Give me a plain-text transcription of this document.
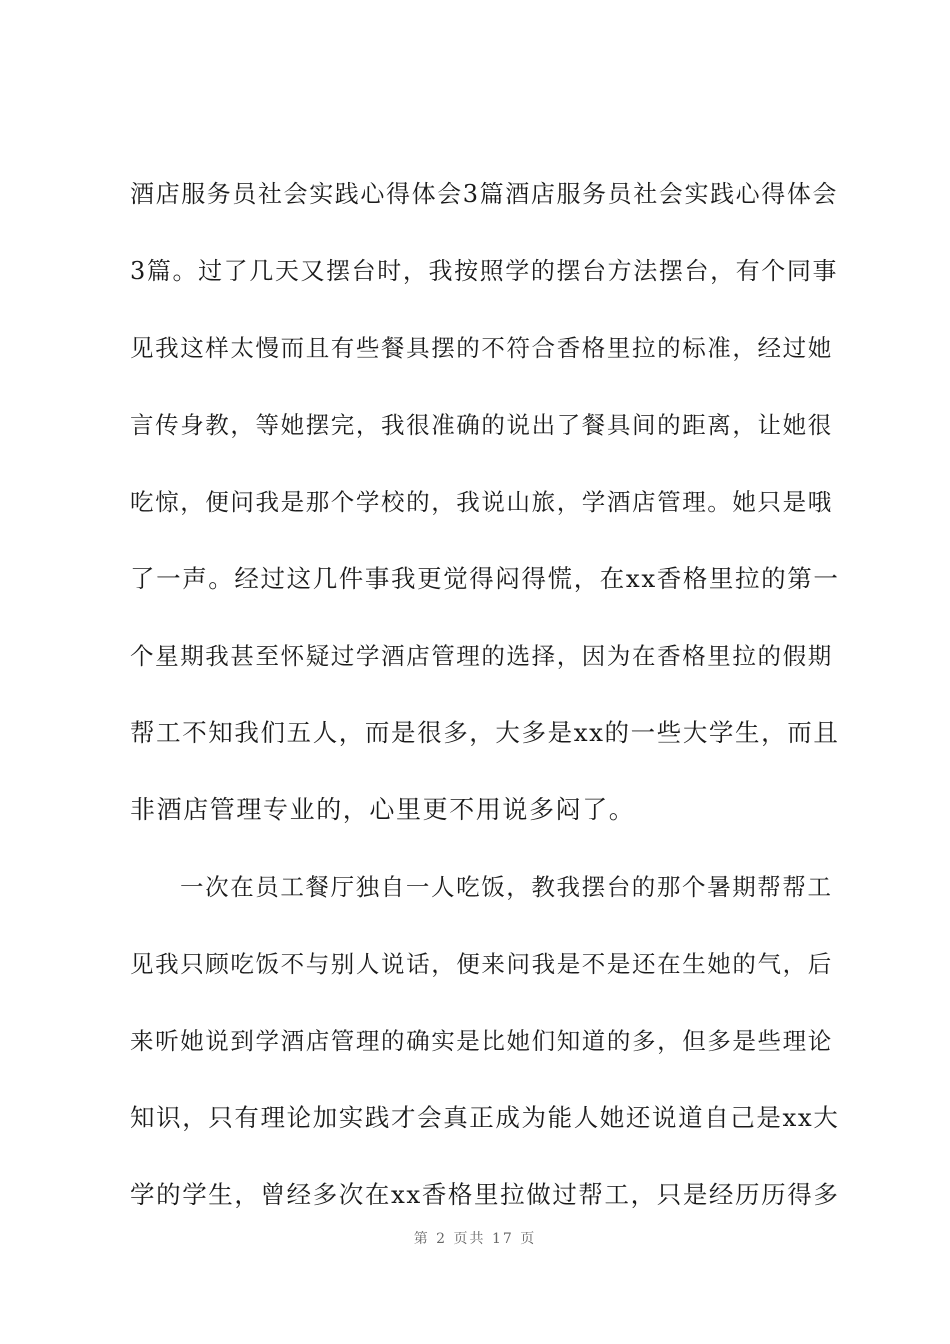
酒店服务员社会实践心得体会3篇酒店服务员社会实践心得体会
3篇。过了几天又摆台时，我按照学的摆台方法摆台，有个同事
见我这样太慢而且有些餐具摆的不符合香格里拉的标准，经过她
言传身教，等她摆完，我很准确的说出了餐具间的距离，让她很
吃惊，便问我是那个学校的，我说山旅，学酒店管理。她只是哦
了一声。经过这几件事我更觉得闷得慌，在xx香格里拉的第一
个星期我甚至怀疑过学酒店管理的选择，因为在香格里拉的假期
帮工不知我们五人，而是很多，大多是xx的一些大学生，而且
非酒店管理专业的，心里更不用说多闷了。
一次在员工餐厅独自一人吃饭，教我摆台的那个暑期帮帮工
见我只顾吃饭不与别人说话，便来问我是不是还在生她的气，后
来听她说到学酒店管理的确实是比她们知道的多，但多是些理论
知识，只有理论加实践才会真正成为能人她还说道自己是xx大
学的学生，曾经多次在xx香格里拉做过帮工，只是经历历得多
第 2 页共 17 页
